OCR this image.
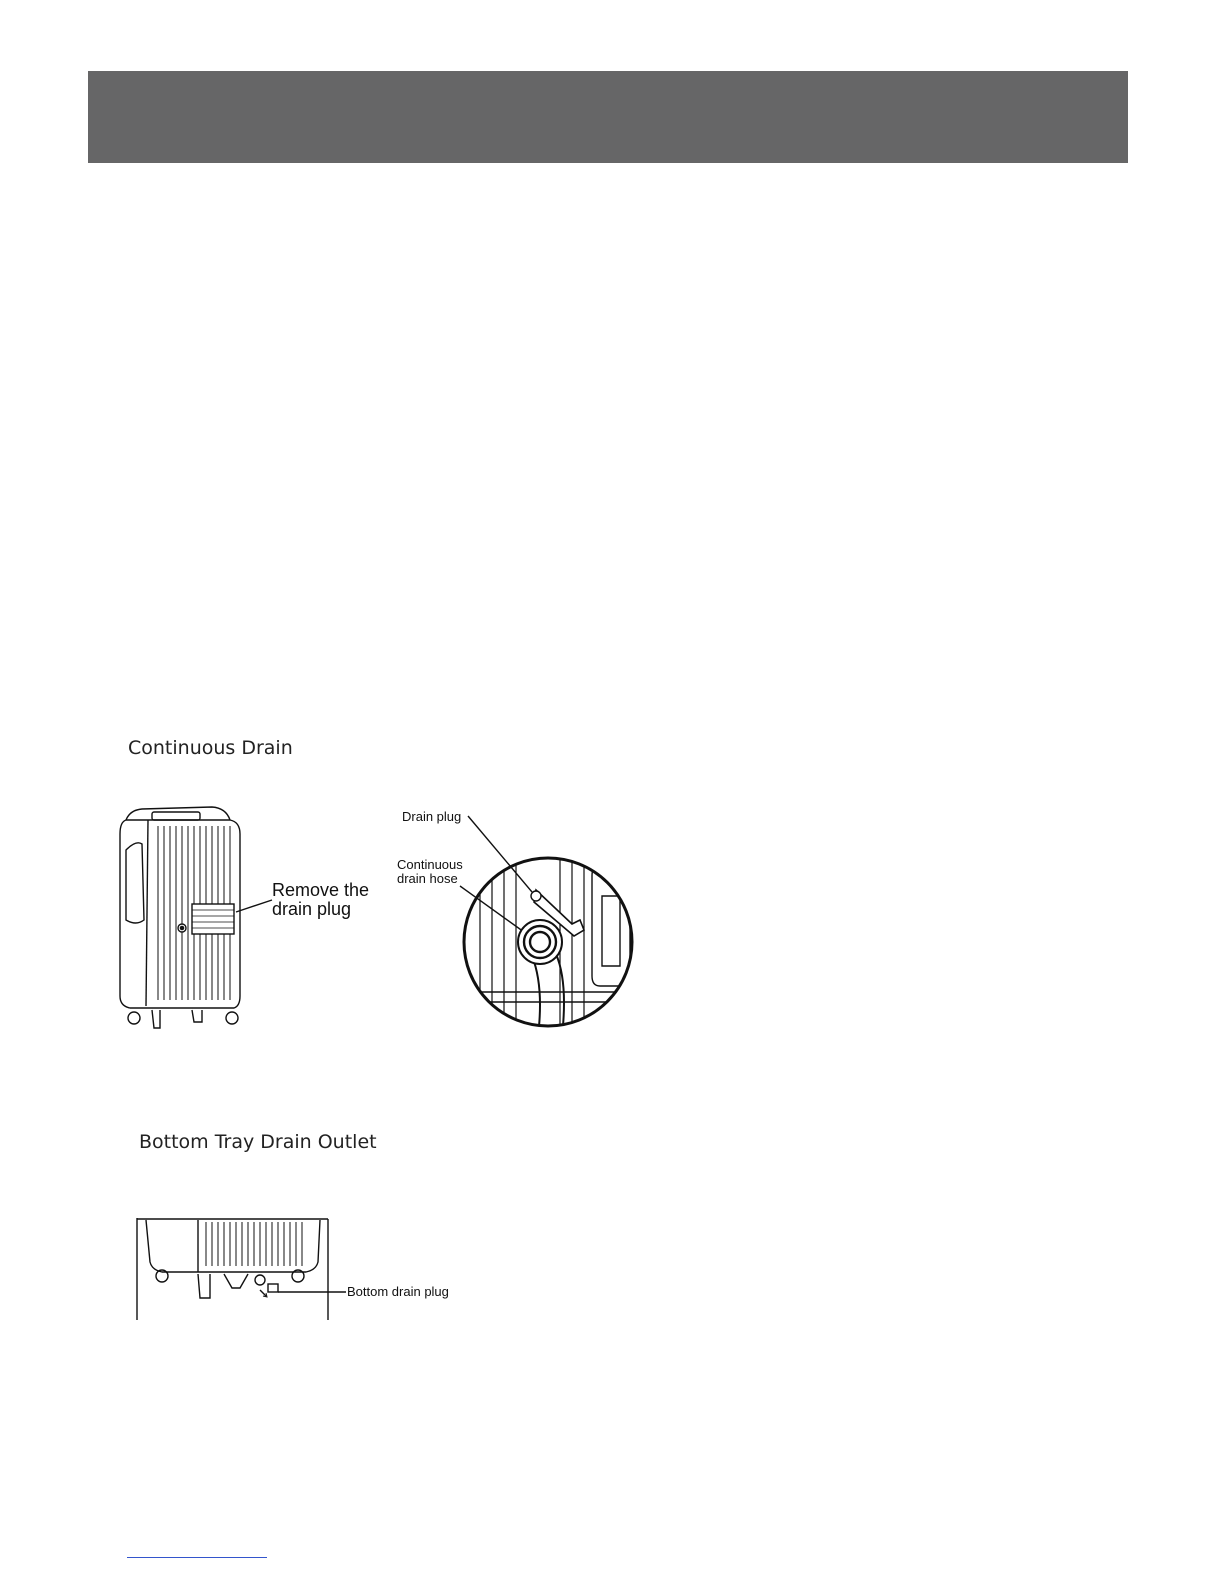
Continuous Drain
Remove the
drain plug
Drain plug
Continuous
drain hose
Bottom Tray Drain Outlet
Bottom drain plug
